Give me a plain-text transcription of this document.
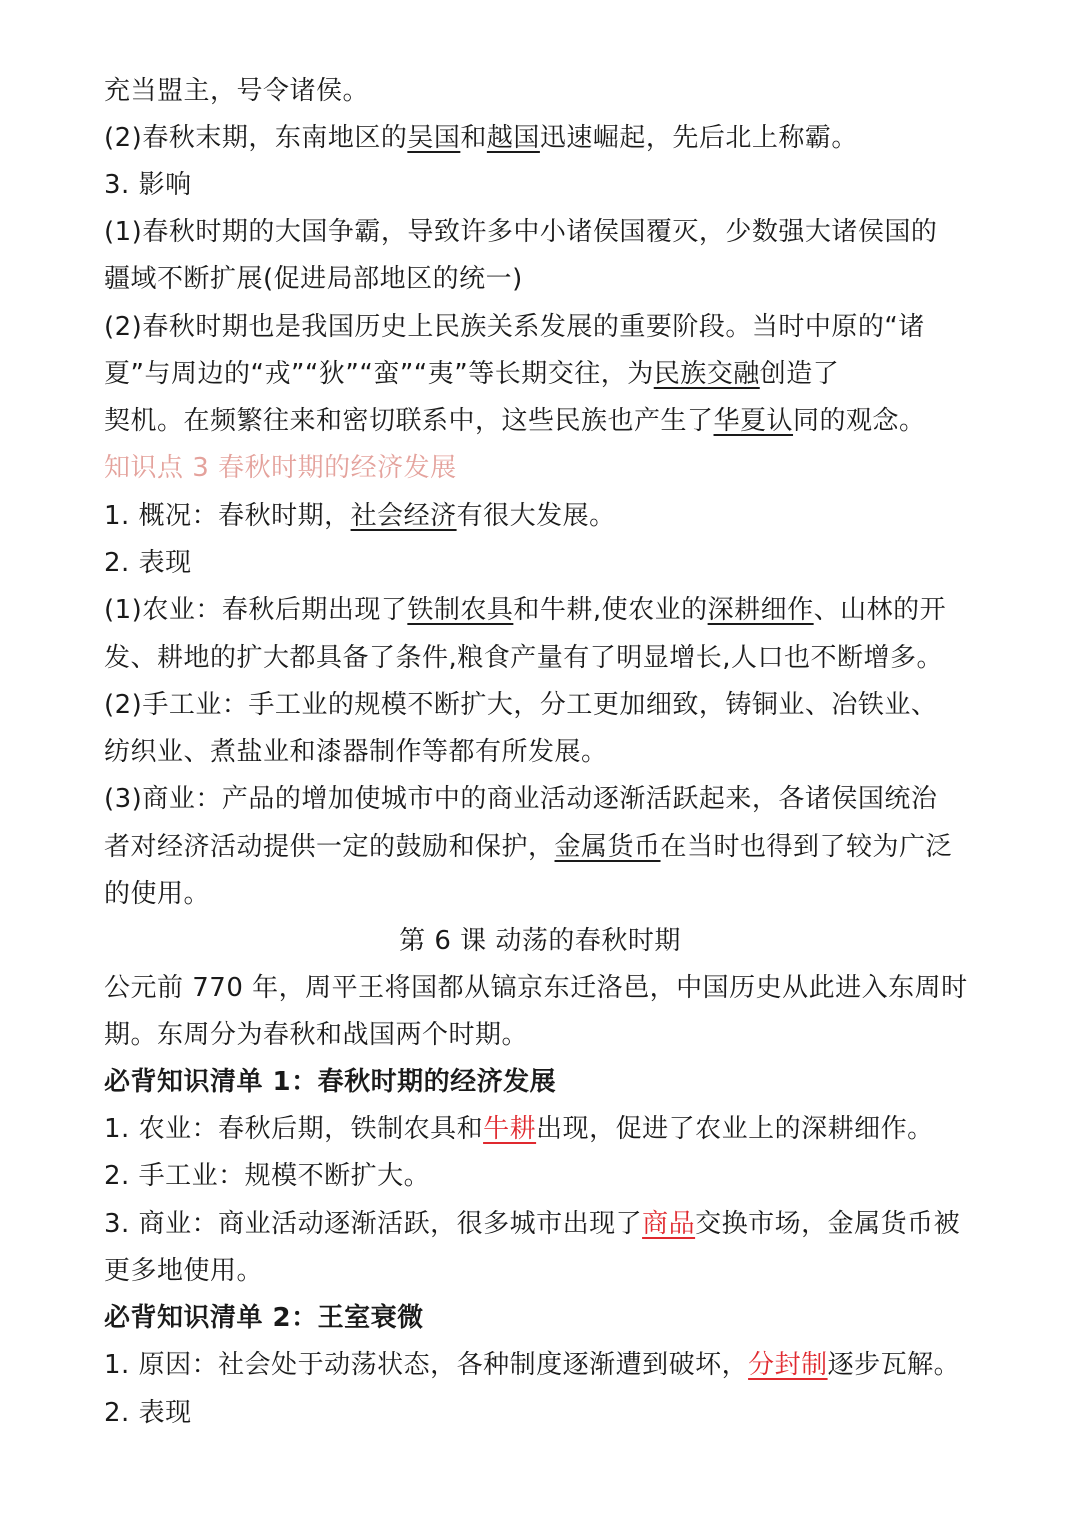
充当盟主，号令诸侯。
(2)春秋末期，东南地区的吴国和越国迅速崛起，先后北上称霸。
3. 影响
(1)春秋时期的大国争霸，导致许多中小诸侯国覆灭，少数强大诸侯国的
疆域不断扩展(促进局部地区的统一)
(2)春秋时期也是我国历史上民族关系发展的重要阶段。当时中原的“诸
夏”与周边的“戎”“狄”“蛮”“夷”等长期交往，为民族交融创造了
契机。在频繁往来和密切联系中，这些民族也产生了华夏认同的观念。
知识点 3 春秋时期的经济发展
1. 概况：春秋时期，社会经济有很大发展。
2. 表现
(1)农业：春秋后期出现了铁制农具和牛耕,使农业的深耕细作、山林的开
发、耕地的扩大都具备了条件,粮食产量有了明显增长,人口也不断增多。
(2)手工业：手工业的规模不断扩大，分工更加细致，铸铜业、冶铁业、
纺织业、煮盐业和漆器制作等都有所发展。
(3)商业：产品的增加使城市中的商业活动逐渐活跃起来，各诸侯国统治
者对经济活动提供一定的鼓励和保护，金属货币在当时也得到了较为广泛
的使用。
第 6 课 动荡的春秋时期
公元前 770 年，周平王将国都从镐京东迁洛邑，中国历史从此进入东周时
期。东周分为春秋和战国两个时期。
必背知识清单 1：春秋时期的经济发展
1. 农业：春秋后期，铁制农具和牛耕出现，促进了农业上的深耕细作。
2. 手工业：规模不断扩大。
3. 商业：商业活动逐渐活跃，很多城市出现了商品交换市场，金属货币被
更多地使用。
必背知识清单 2：王室衰微
1. 原因：社会处于动荡状态，各种制度逐渐遭到破坏，分封制逐步瓦解。
2. 表现
